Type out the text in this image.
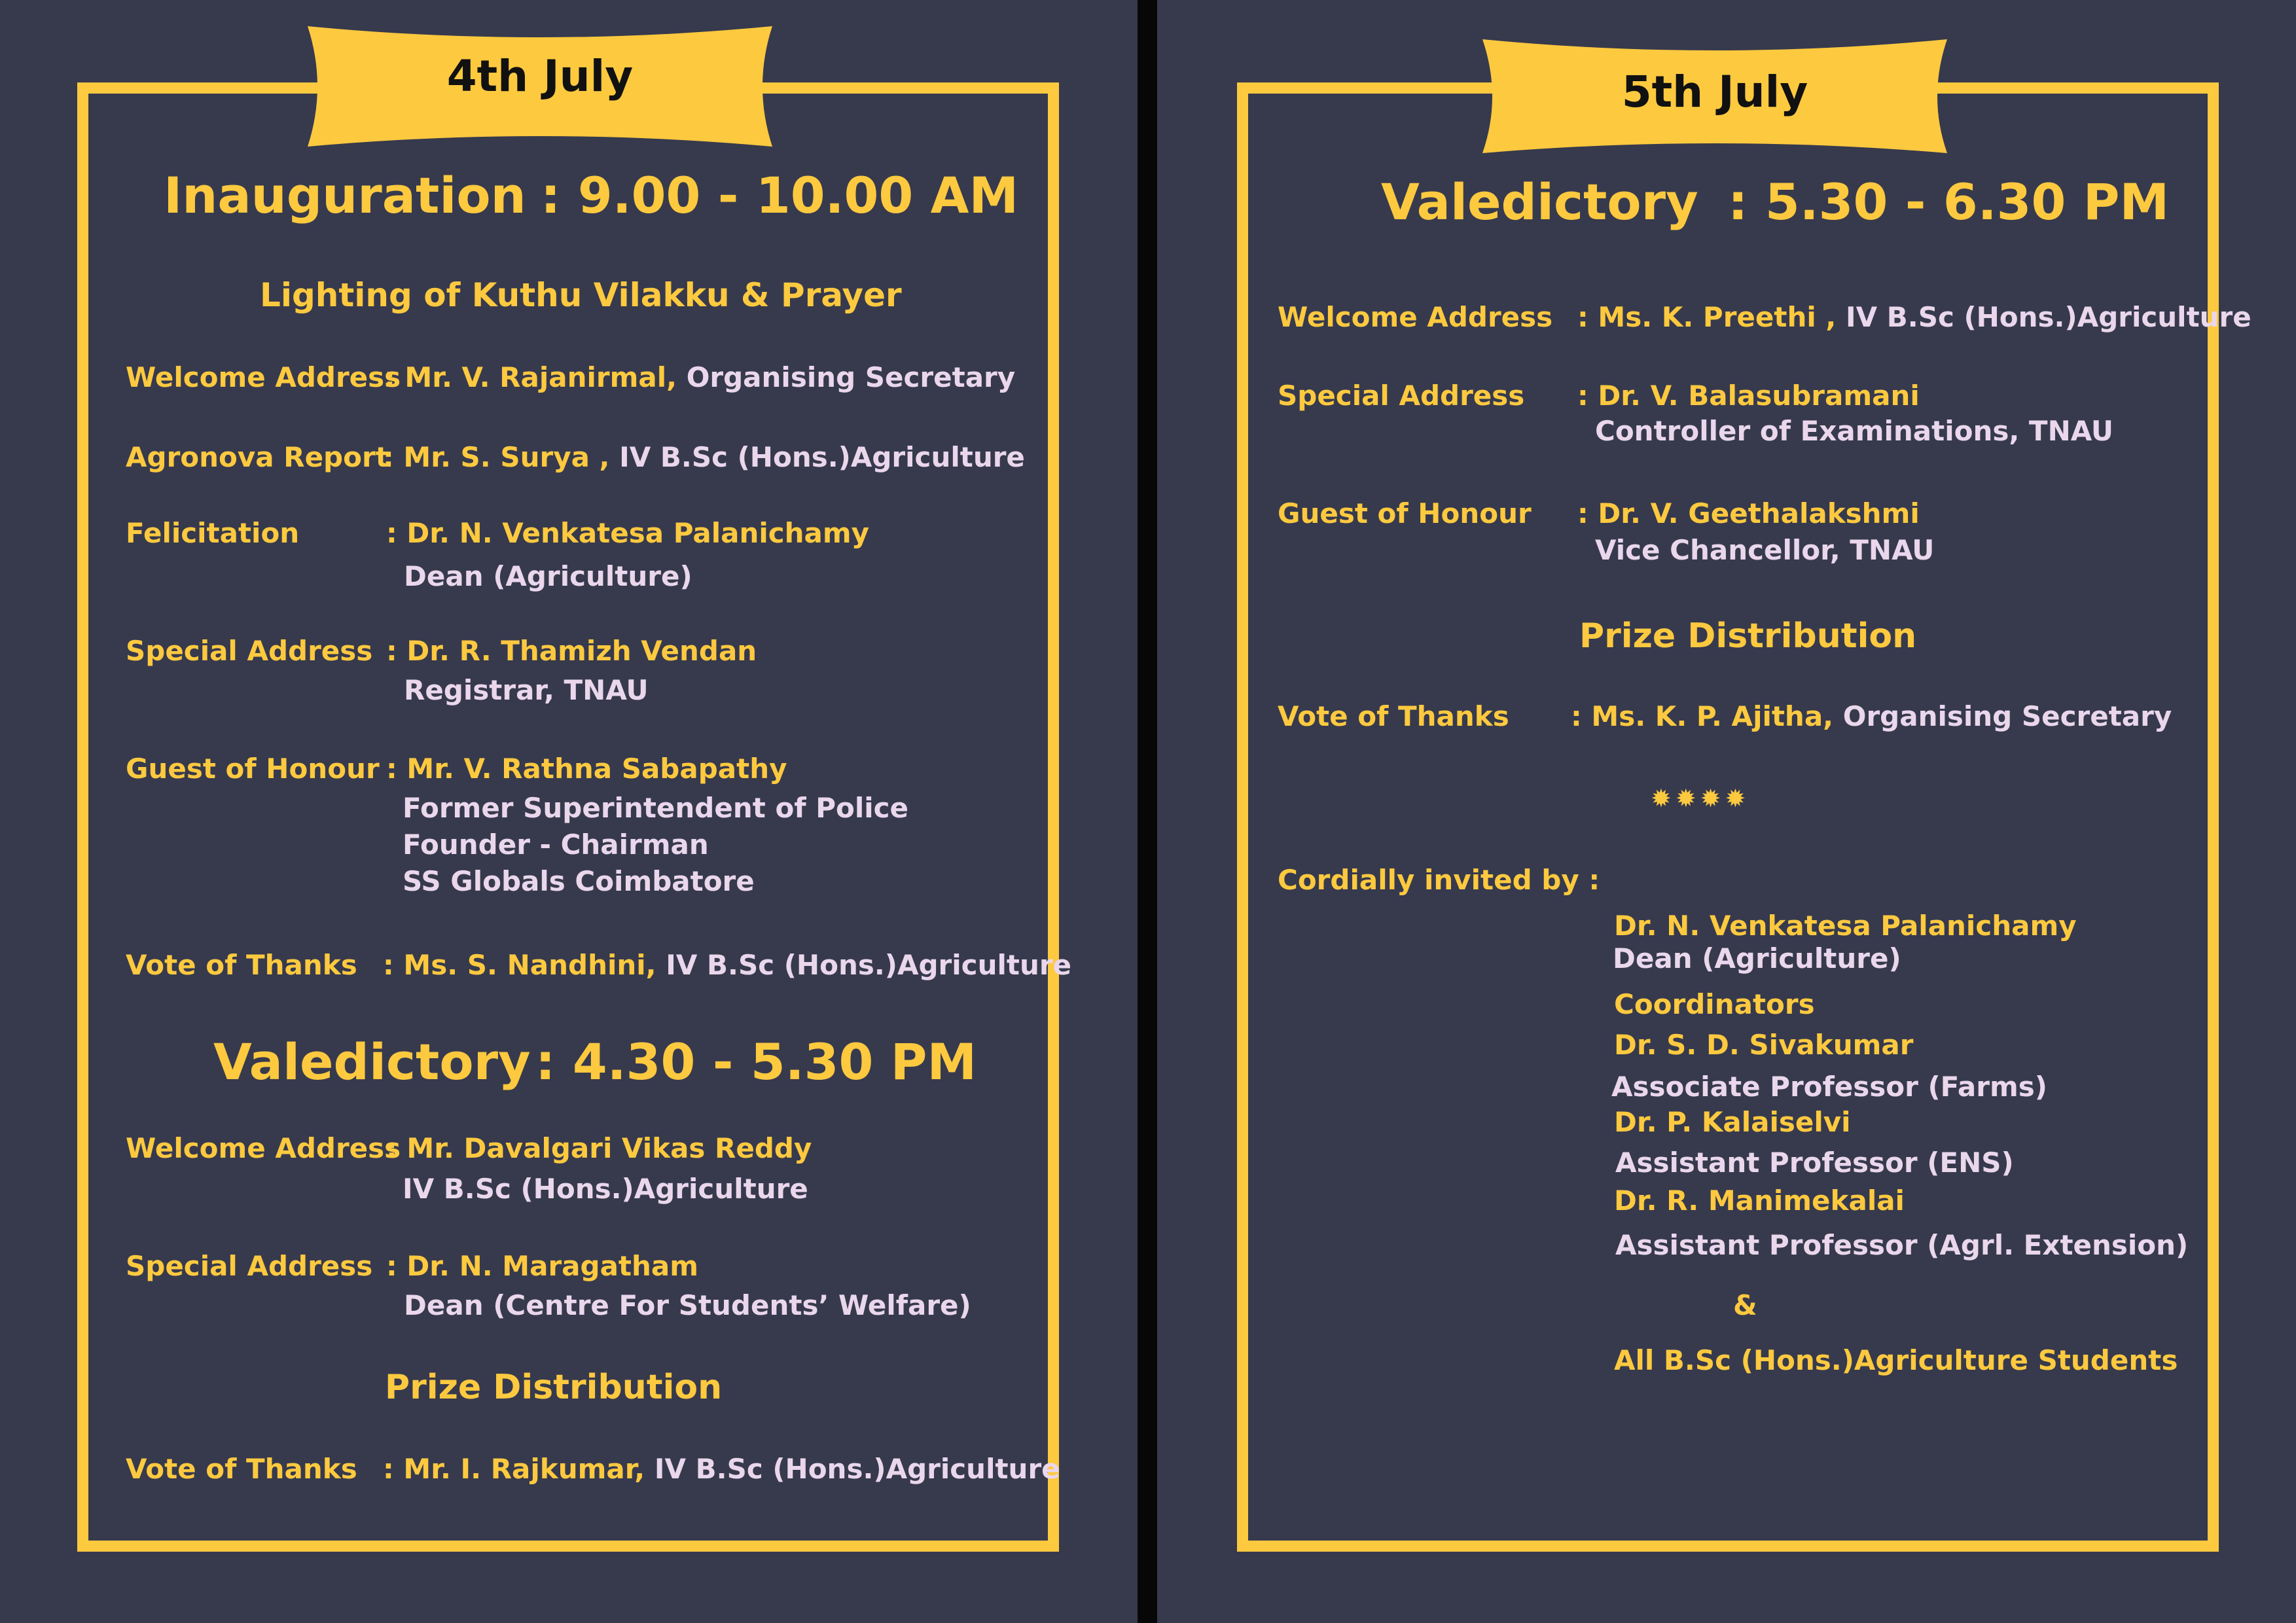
4th July
Inauguration : 9.00 - 10.00 AM
Lighting of Kuthu Vilakku & Prayer
Welcome Address
: Mr. V. Rajanirmal, Organising Secretary
Agronova Report
: Mr. S. Surya , IV B.Sc (Hons.)Agriculture
Felicitation	: Dr. N. Venkatesa Palanichamy
Dean (Agriculture)
Special Address : Dr. R. Thamizh Vendan
Registrar, TNAU
Guest of Honour : Mr. V. Rathna Sabapathy
Former Superintendent of Police
Founder - Chairman
SS Globals Coimbatore
Vote of Thanks : Ms. S. Nandhini, IV B.Sc (Hons.)Agriculture
Valedictory : 4.30 - 5.30 PM
Welcome Address
: Mr. Davalgari Vikas Reddy
IV B.Sc (Hons.)Agriculture
Special Address : Dr. N. Maragatham
Dean (Centre For Students’ Welfare)
Prize Distribution
Vote of Thanks : Mr. I. Rajkumar, IV B.Sc (Hons.)Agriculture
5th July
Valedictory : 5.30 - 6.30 PM
Welcome Address : Ms. K. Preethi , IV B.Sc (Hons.)Agriculture
Special Address : Dr. V. Balasubramani
Controller of Examinations, TNAU
Guest of Honour : Dr. V. Geethalakshmi
Vice Chancellor, TNAU
Prize Distribution
Vote of Thanks : Ms. K. P. Ajitha, Organising Secretary
✹✹✹✹
Cordially invited by :
Dr. N. Venkatesa Palanichamy
Dean (Agriculture)
Coordinators
Dr. S. D. Sivakumar
Associate Professor (Farms)
Dr. P. Kalaiselvi
Assistant Professor (ENS)
Dr. R. Manimekalai
Assistant Professor (Agrl. Extension)
&
All B.Sc (Hons.)Agriculture Students
